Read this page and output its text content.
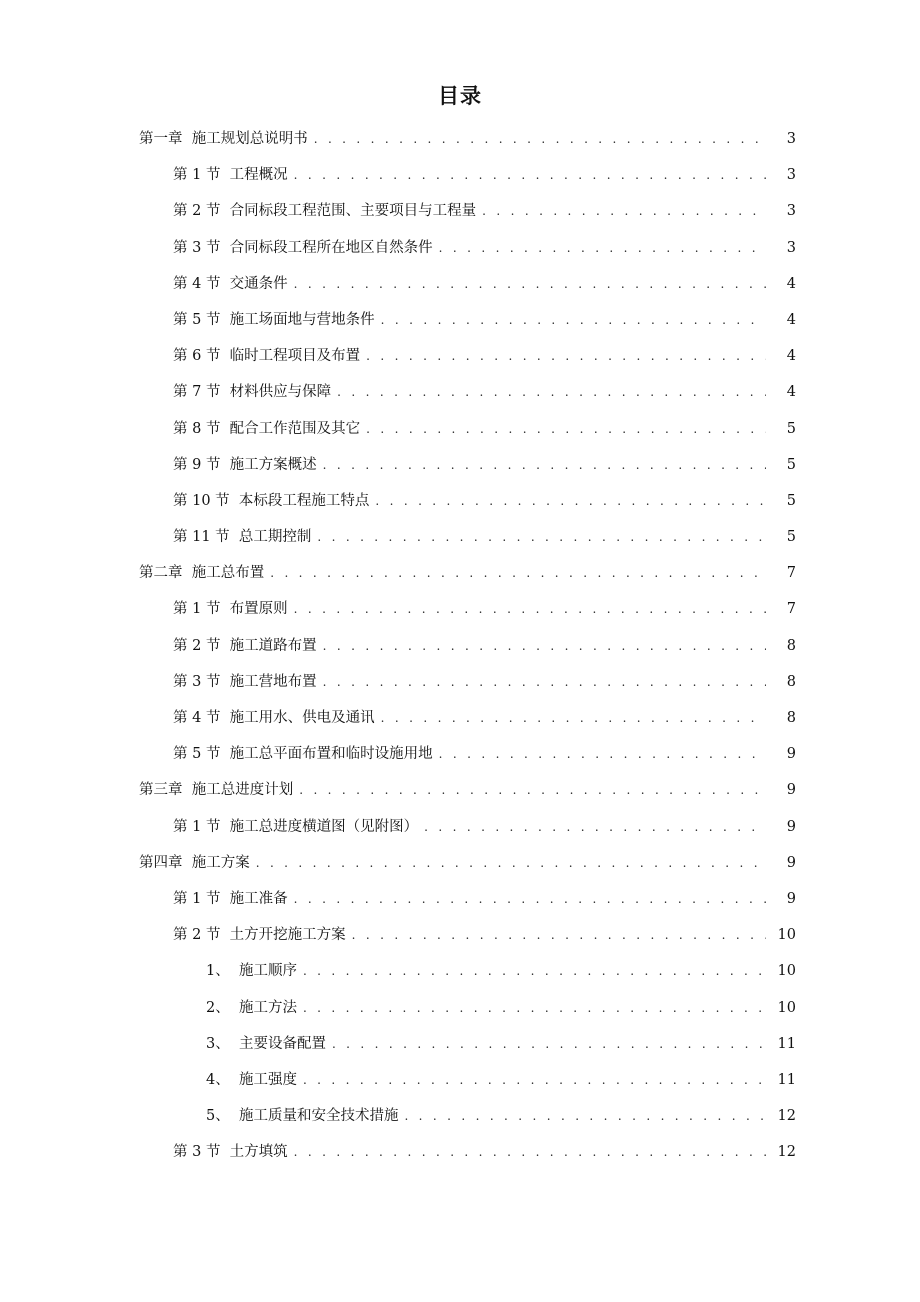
目录
第一章  施工规划总说明书 . . .	3
第 1 节  工程概况 . . .	3
第 2 节  合同标段工程范围、主要项目与工程量 . . .	3
第 3 节  合同标段工程所在地区自然条件 . . .	3
第 4 节  交通条件 . . .	4
第 5 节  施工场面地与营地条件 . . .	4
第 6 节  临时工程项目及布置 . . .	4
第 7 节  材料供应与保障 . . .	4
第 8 节  配合工作范围及其它 . . .	5
第 9 节  施工方案概述 . . .	5
第 10 节  本标段工程施工特点 . . .	5
第 11 节  总工期控制 . . .	5
第二章  施工总布置 . . .	7
第 1 节  布置原则 . . .	7
第 2 节  施工道路布置 . . .	8
第 3 节  施工营地布置 . . .	8
第 4 节  施工用水、供电及通讯 . . .	8
第 5 节  施工总平面布置和临时设施用地 . . .	9
第三章  施工总进度计划 . . .	9
第 1 节  施工总进度横道图（见附图） . . .	9
第四章  施工方案 . . .	9
第 1 节  施工准备 . . .	9
第 2 节  土方开挖施工方案 . . .	10
1、  施工顺序 . . .	10
2、  施工方法 . . .	10
3、  主要设备配置 . . .	11
4、  施工强度 . . .	11
5、  施工质量和安全技术措施 . . .	12
第 3 节  土方填筑 . . .	12
